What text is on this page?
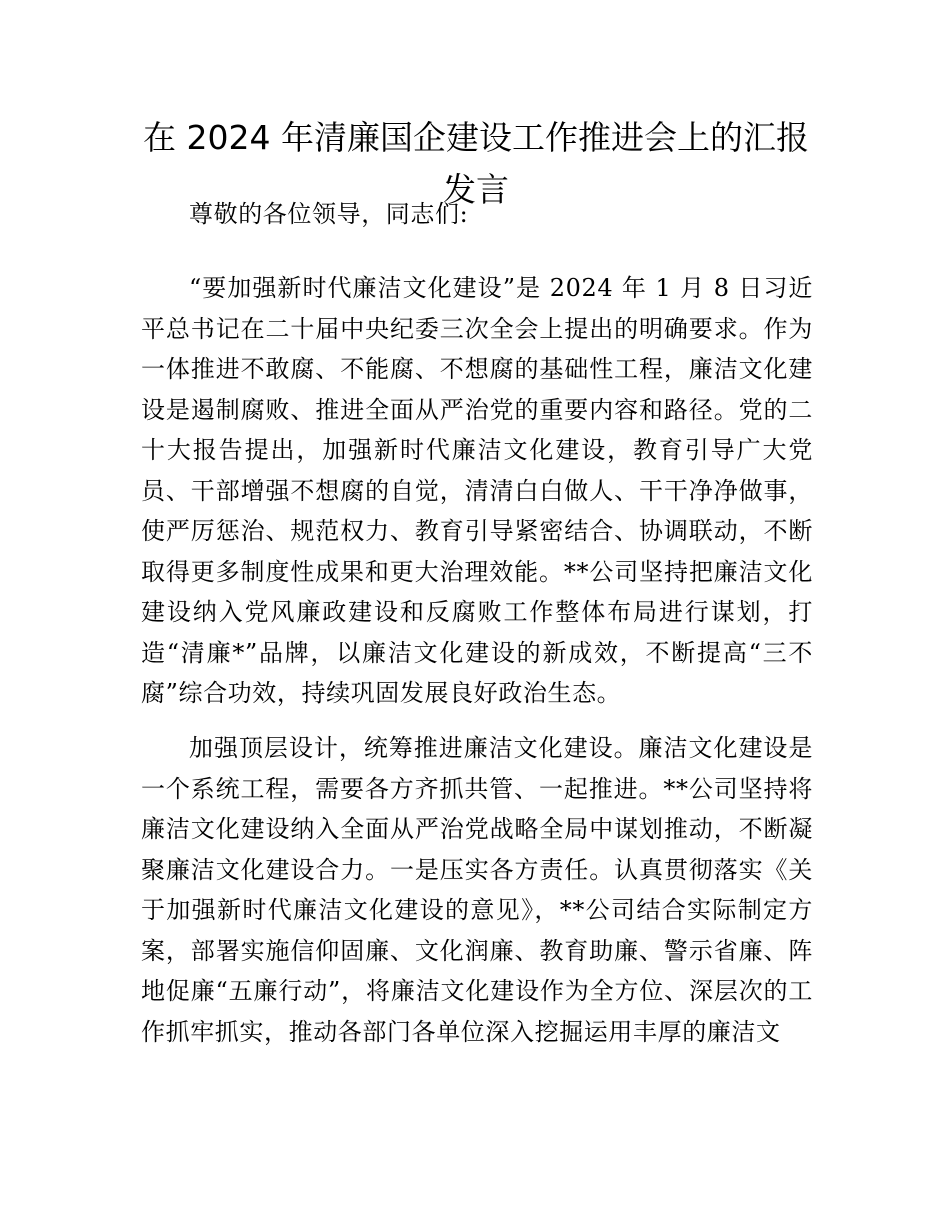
在 2024 年清廉国企建设工作推进会上的汇报发言

尊敬的各位领导，同志们:

“要加强新时代廉洁文化建设”是 2024 年 1 月 8 日习近平总书记在二十届中央纪委三次全会上提出的明确要求。作为一体推进不敢腐、不能腐、不想腐的基础性工程，廉洁文化建设是遏制腐败、推进全面从严治党的重要内容和路径。党的二十大报告提出，加强新时代廉洁文化建设，教育引导广大党员、干部增强不想腐的自觉，清清白白做人、干干净净做事，使严厉惩治、规范权力、教育引导紧密结合、协调联动，不断取得更多制度性成果和更大治理效能。**公司坚持把廉洁文化建设纳入党风廉政建设和反腐败工作整体布局进行谋划，打造“清廉*”品牌，以廉洁文化建设的新成效，不断提高“三不腐”综合功效，持续巩固发展良好政治生态。

加强顶层设计，统筹推进廉洁文化建设。廉洁文化建设是一个系统工程，需要各方齐抓共管、一起推进。**公司坚持将廉洁文化建设纳入全面从严治党战略全局中谋划推动，不断凝聚廉洁文化建设合力。一是压实各方责任。认真贯彻落实《关于加强新时代廉洁文化建设的意见》，**公司结合实际制定方案，部署实施信仰固廉、文化润廉、教育助廉、警示省廉、阵地促廉“五廉行动”，将廉洁文化建设作为全方位、深层次的工作抓牢抓实，推动各部门各单位深入挖掘运用丰厚的廉洁文
